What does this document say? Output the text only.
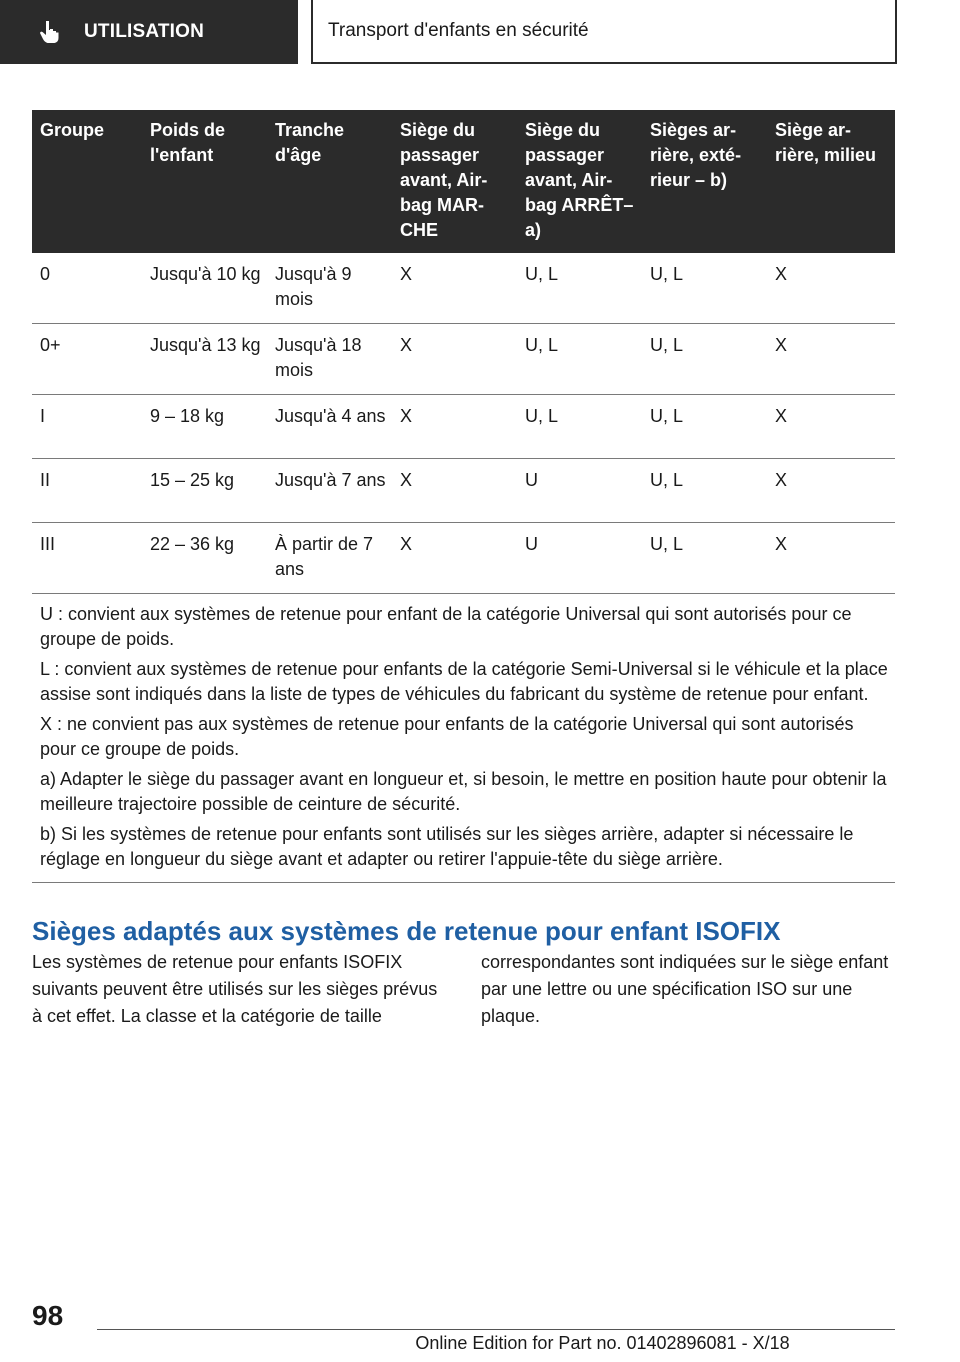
UTILISATION	Transport d'enfants en sécurité
Groupe	Poids de l'enfant	Tranche d'âge	Siège du passager avant, Airbag MARCHE	Siège du passager avant, Airbag ARRÊT– a)	Sièges arrière, extérieur – b)	Siège arrière, milieu
0	Jusqu'à 10 kg	Jusqu'à 9 mois	X	U, L	U, L	X
0+	Jusqu'à 13 kg	Jusqu'à 18 mois	X	U, L	U, L	X
I	9 – 18 kg	Jusqu'à 4 ans	X	U, L	U, L	X
II	15 – 25 kg	Jusqu'à 7 ans	X	U	U, L	X
III	22 – 36 kg	À partir de 7 ans	X	U	U, L	X

U : convient aux systèmes de retenue pour enfant de la catégorie Universal qui sont autorisés pour ce groupe de poids.

L : convient aux systèmes de retenue pour enfants de la catégorie Semi-Universal si le véhicule et la place assise sont indiqués dans la liste de types de véhicules du fabricant du système de retenue pour enfant.

X : ne convient pas aux systèmes de retenue pour enfants de la catégorie Universal qui sont autorisés pour ce groupe de poids.

a) Adapter le siège du passager avant en longueur et, si besoin, le mettre en position haute pour obtenir la meilleure trajectoire possible de ceinture de sécurité.

b) Si les systèmes de retenue pour enfants sont utilisés sur les sièges arrière, adapter si nécessaire le réglage en longueur du siège avant et adapter ou retirer l'appuie-tête du siège arrière.						

Sièges adaptés aux systèmes de retenue pour enfant ISOFIX
Les systèmes de retenue pour enfants ISOFIX suivants peuvent être utilisés sur les sièges prévus à cet effet. La classe et la catégorie de taille
correspondantes sont indiquées sur le siège enfant par une lettre ou une spécification ISO sur une plaque.
98
Online Edition for Part no. 01402896081 - X/18
